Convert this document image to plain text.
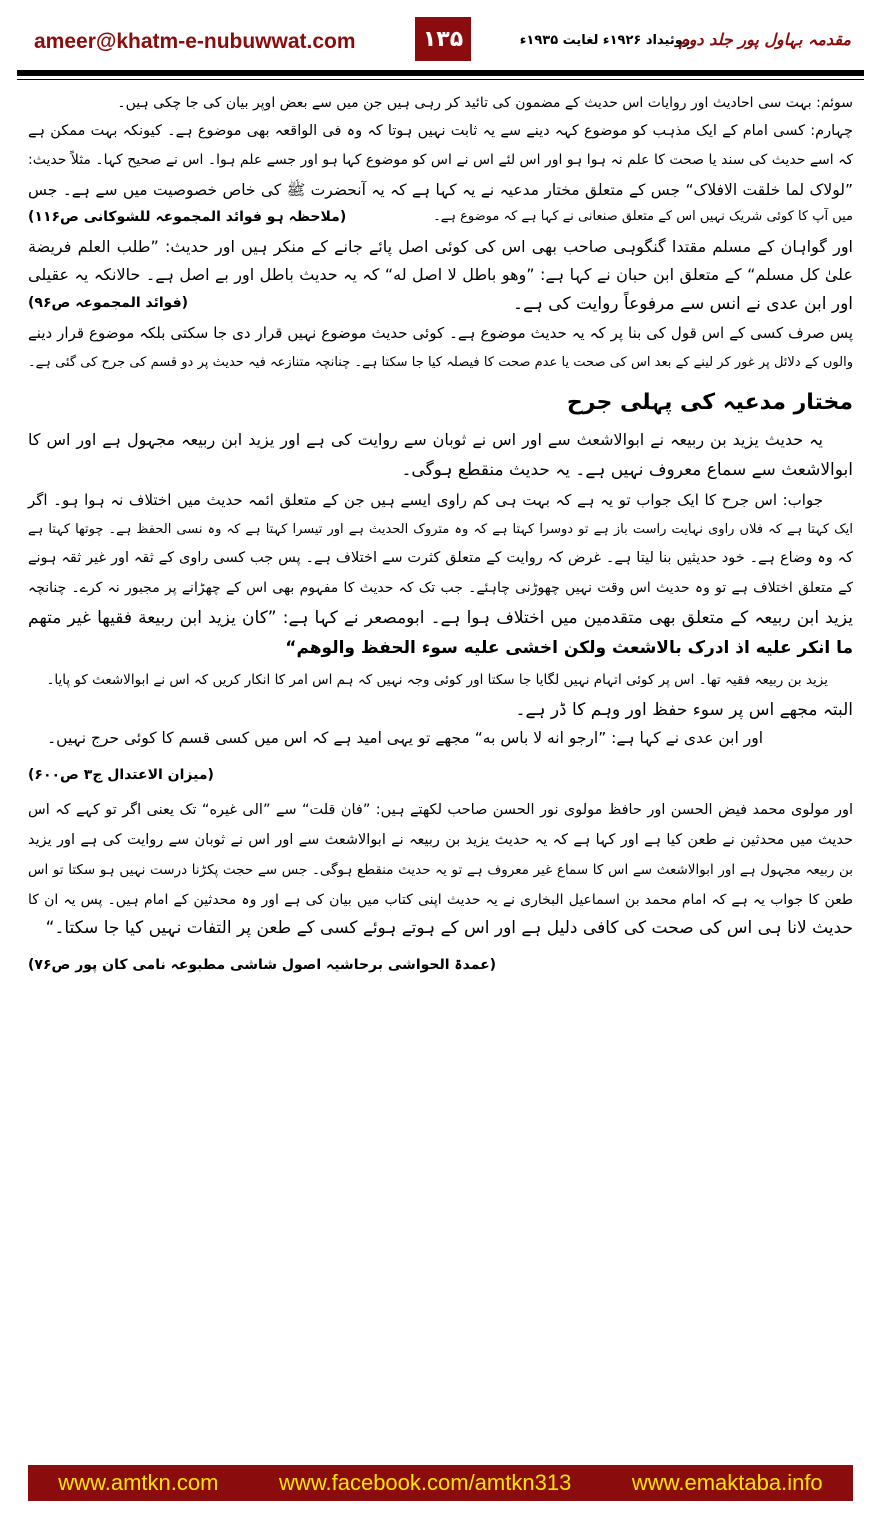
ameer@khatm-e-nubuwwat.com	۱۳۵	روئیداد ۱۹۲۶ء لغایت ۱۹۳۵ء
مقدمہ بہاول پور جلد دوم
سوئم: بہت سی احادیث اور روایات اس حدیث کے مضمون کی تائید کر رہی ہیں جن میں سے بعض اوپر بیان کی جا چکی ہیں۔
چہارم: کسی امام کے ایک مذہب کو موضوع کہہ دینے سے یہ ثابت نہیں ہوتا کہ وہ فی الواقعہ بھی موضوع ہے۔ کیونکہ بہت ممکن ہے
کہ اسے حدیث کی سند یا صحت کا علم نہ ہوا ہو اور اس لئے اس نے اس کو موضوع کہا ہو اور جسے علم ہوا۔ اس نے صحیح کہا۔ مثلاً حدیث:
”لولاک لما خلقت الافلاک“ جس کے متعلق مختار مدعیہ نے یہ کہا ہے کہ یہ آنحضرت ﷺ کی خاص خصوصیت میں سے ہے۔ جس
میں آپ کا کوئی شریک نہیں اس کے متعلق صنعانی نے کہا ہے کہ موضوع ہے۔
(ملاحظہ ہو فوائد المجموعہ للشوکانی ص۱۱۶)
اور گواہان کے مسلم مقتدا گنگوہی صاحب بھی اس کی کوئی اصل پائے جانے کے منکر ہیں اور حدیث: ”طلب العلم فریضة
علیٰ کل مسلم“ کے متعلق ابن حبان نے کہا ہے: ”وھو باطل لا اصل له“ کہ یہ حدیث باطل اور بے اصل ہے۔ حالانکہ یہ عقیلی
اور ابن عدی نے انس سے مرفوعاً روایت کی ہے۔
(فوائد المجموعہ ص۹۶)
پس صرف کسی کے اس قول کی بنا پر کہ یہ حدیث موضوع ہے۔ کوئی حدیث موضوع نہیں قرار دی جا سکتی بلکہ موضوع قرار دینے
والوں کے دلائل پر غور کر لینے کے بعد اس کی صحت یا عدم صحت کا فیصلہ کیا جا سکتا ہے۔ چنانچہ متنازعہ فیہ حدیث پر دو قسم کی جرح کی گئی ہے۔
مختار مدعیہ کی پہلی جرح
یہ حدیث یزید بن ربیعہ نے ابوالاشعث سے اور اس نے ثوبان سے روایت کی ہے اور یزید ابن ربیعہ مجہول ہے اور اس کا
ابوالاشعث سے سماع معروف نہیں ہے۔ یہ حدیث منقطع ہوگی۔
جواب: اس جرح کا ایک جواب تو یہ ہے کہ بہت ہی کم راوی ایسے ہیں جن کے متعلق ائمہ حدیث میں اختلاف نہ ہوا ہو۔ اگر
ایک کہتا ہے کہ فلاں راوی نہایت راست باز ہے تو دوسرا کہتا ہے کہ وہ متروک الحدیث ہے اور تیسرا کہتا ہے کہ وہ نسی الحفظ ہے۔ چوتھا کہتا ہے
کہ وہ وضاع ہے۔ خود حدیثیں بنا لیتا ہے۔ غرض کہ روایت کے متعلق کثرت سے اختلاف ہے۔ پس جب کسی راوی کے ثقہ اور غیر ثقہ ہونے
کے متعلق اختلاف ہے تو وہ حدیث اس وقت نہیں چھوڑنی چاہئے۔ جب تک کہ حدیث کا مفہوم بھی اس کے چھڑانے پر مجبور نہ کرے۔ چنانچہ
یزید ابن ربیعہ کے متعلق بھی متقدمین میں اختلاف ہوا ہے۔ ابومصعر نے کہا ہے: ”کان یزید ابن ربیعة فقیها غیر متهم
ما انکر علیه اذ ادرک بالاشعث ولکن اخشی علیه سوء الحفظ والوهم“
یزید بن ربیعہ فقیہ تھا۔ اس پر کوئی اتہام نہیں لگایا جا سکتا اور کوئی وجہ نہیں کہ ہم اس امر کا انکار کریں کہ اس نے ابوالاشعث کو پایا۔
البتہ مجھے اس پر سوء حفظ اور وہم کا ڈر ہے۔
اور ابن عدی نے کہا ہے: ”ارجو انه لا باس به“ مجھے تو یہی امید ہے کہ اس میں کسی قسم کا کوئی حرج نہیں۔
(میزان الاعتدال ج۳ ص۶۰۰)
اور مولوی محمد فیض الحسن اور حافظ مولوی نور الحسن صاحب لکھتے ہیں: ”فان قلت“ سے ”الی غیره“ تک یعنی اگر تو کہے کہ اس
حدیث میں محدثین نے طعن کیا ہے اور کہا ہے کہ یہ حدیث یزید بن ربیعہ نے ابوالاشعث سے اور اس نے ثوبان سے روایت کی ہے اور یزید
بن ربیعہ مجہول ہے اور ابوالاشعث سے اس کا سماع غیر معروف ہے تو یہ حدیث منقطع ہوگی۔ جس سے حجت پکڑنا درست نہیں ہو سکتا تو اس
طعن کا جواب یہ ہے کہ امام محمد بن اسماعیل البخاری نے یہ حدیث اپنی کتاب میں بیان کی ہے اور وہ محدثین کے امام ہیں۔ پس یہ ان کا
حدیث لانا ہی اس کی صحت کی کافی دلیل ہے اور اس کے ہوتے ہوئے کسی کے طعن پر التفات نہیں کیا جا سکتا۔“
(عمدۃ الحواشی برحاشیہ اصول شاشی مطبوعہ نامی کان پور ص۷۶)
www.amtkn.com	www.facebook.com/amtkn313	www.emaktaba.info
